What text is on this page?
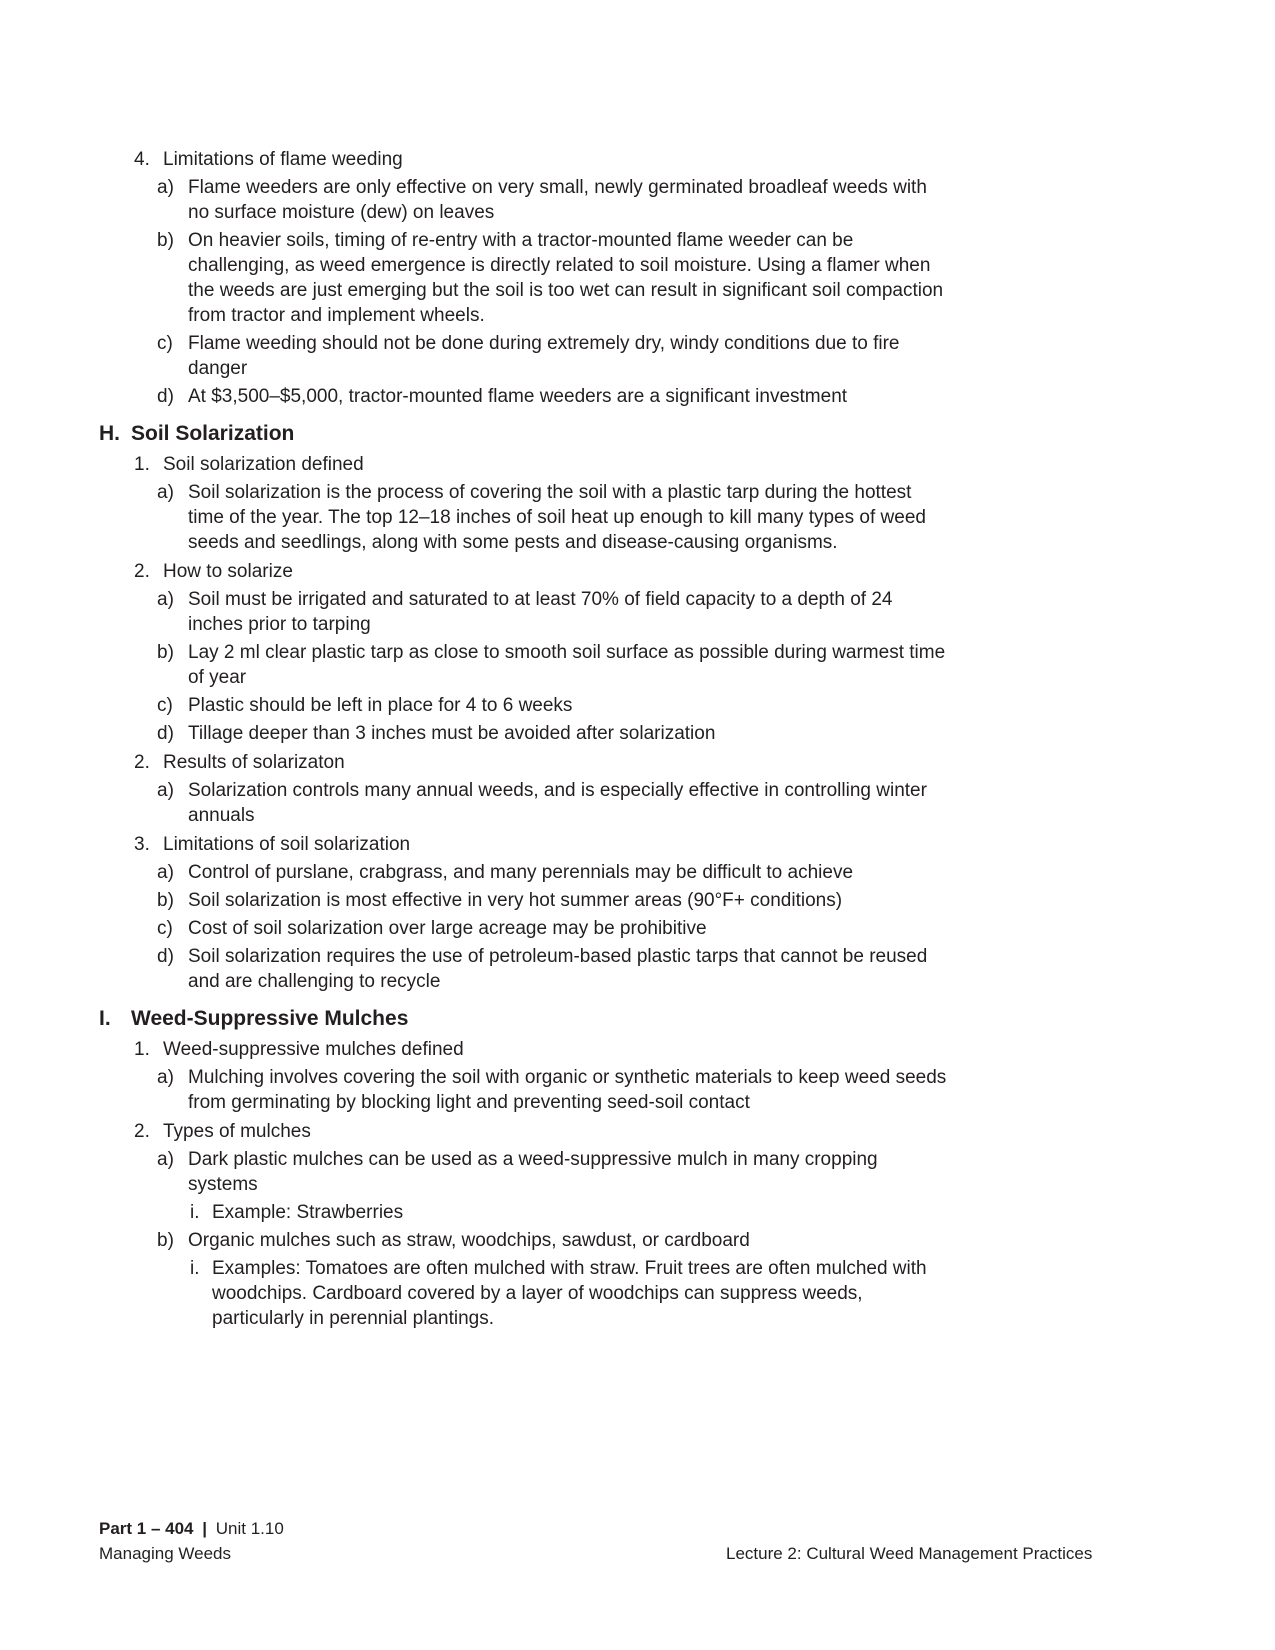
4. Limitations of flame weeding
a) Flame weeders are only effective on very small, newly germinated broadleaf weeds with no surface moisture (dew) on leaves
b) On heavier soils, timing of re-entry with a tractor-mounted flame weeder can be challenging, as weed emergence is directly related to soil moisture. Using a flamer when the weeds are just emerging but the soil is too wet can result in significant soil compaction from tractor and implement wheels.
c) Flame weeding should not be done during extremely dry, windy conditions due to fire danger
d) At $3,500–$5,000, tractor-mounted flame weeders are a significant investment
H. Soil Solarization
1. Soil solarization defined
a) Soil solarization is the process of covering the soil with a plastic tarp during the hottest time of the year. The top 12–18 inches of soil heat up enough to kill many types of weed seeds and seedlings, along with some pests and disease-causing organisms.
2. How to solarize
a) Soil must be irrigated and saturated to at least 70% of field capacity to a depth of 24 inches prior to tarping
b) Lay 2 ml clear plastic tarp as close to smooth soil surface as possible during warmest time of year
c) Plastic should be left in place for 4 to 6 weeks
d) Tillage deeper than 3 inches must be avoided after solarization
2. Results of solarizaton
a) Solarization controls many annual weeds, and is especially effective in controlling winter annuals
3. Limitations of soil solarization
a) Control of purslane, crabgrass, and many perennials may be difficult to achieve
b) Soil solarization is most effective in very hot summer areas (90°F+ conditions)
c) Cost of soil solarization over large acreage may be prohibitive
d) Soil solarization requires the use of petroleum-based plastic tarps that cannot be reused and are challenging to recycle
I. Weed-Suppressive Mulches
1. Weed-suppressive mulches defined
a) Mulching involves covering the soil with organic or synthetic materials to keep weed seeds from germinating by blocking light and preventing seed-soil contact
2. Types of mulches
a) Dark plastic mulches can be used as a weed-suppressive mulch in many cropping systems
i. Example: Strawberries
b) Organic mulches such as straw, woodchips, sawdust, or cardboard
i. Examples: Tomatoes are often mulched with straw. Fruit trees are often mulched with woodchips. Cardboard covered by a layer of woodchips can suppress weeds, particularly in perennial plantings.
Part 1 – 404 | Unit 1.10
Managing Weeds	Lecture 2: Cultural Weed Management Practices
